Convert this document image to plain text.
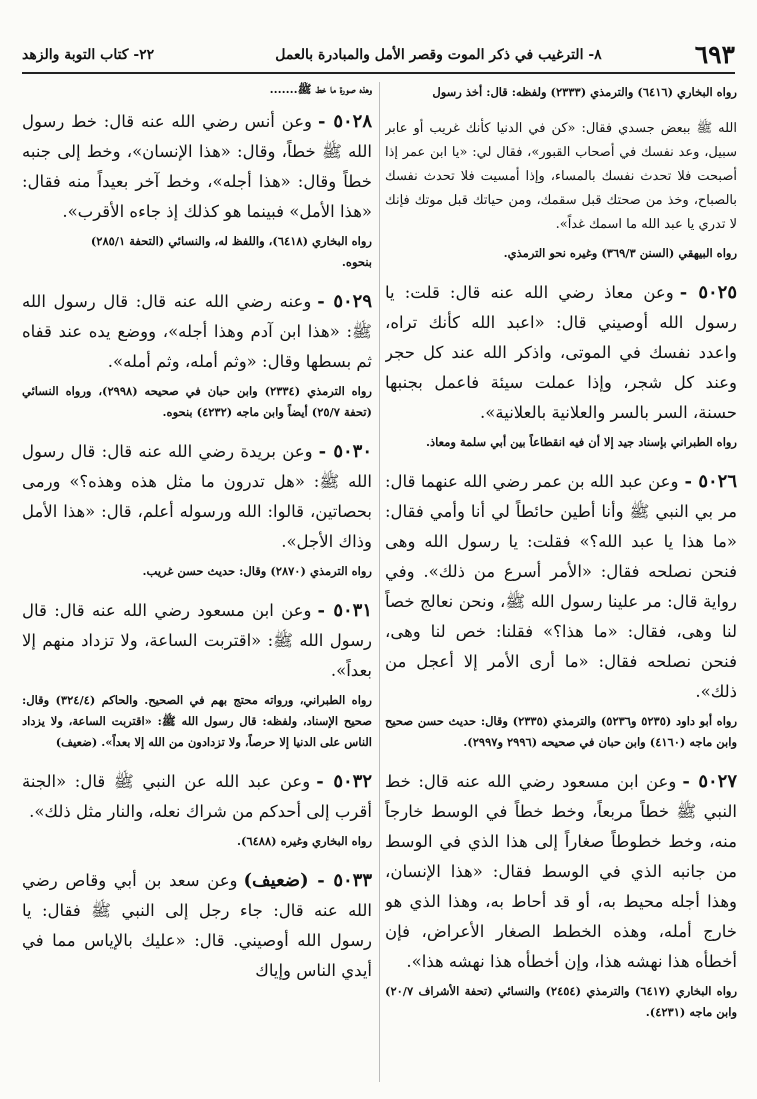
٦٩٣
٨- الترغيب في ذكر الموت وقصر الأمل والمبادرة بالعمل
٢٢- كتاب التوبة والزهد

رواه البخاري (٦٤١٦) والترمذي (٢٣٣٣) ولفظه: قال: أخذ رسول

الله ﷺ ببعض جسدي فقال: «كن في الدنيا كأنك غريب أو عابر سبيل، وعد نفسك في أصحاب القبور»، فقال لي: «يا ابن عمر إذا أصبحت فلا تحدث نفسك بالمساء، وإذا أمسيت فلا تحدث نفسك بالصباح، وخذ من صحتك قبل سقمك، ومن حياتك قبل موتك فإنك لا تدري يا عبد الله ما اسمك غداً».

رواه البيهقي (السنن ٣٦٩/٣) وغيره نحو الترمذي.

٥٠٢٥ -وعن معاذ رضي الله عنه قال: قلت: يا رسول الله أوصيني قال: «اعبد الله كأنك تراه، واعدد نفسك في الموتى، واذكر الله عند كل حجر وعند كل شجر، وإذا عملت سيئة فاعمل بجنبها حسنة، السر بالسر والعلانية بالعلانية».

رواه الطبراني بإسناد جيد إلا أن فيه انقطاعاً بين أبي سلمة ومعاذ.

٥٠٢٦ -وعن عبد الله بن عمر رضي الله عنهما قال: مر بي النبي ﷺ وأنا أطين حائطاً لي أنا وأمي فقال: «ما هذا يا عبد الله؟» فقلت: يا رسول الله وهى فنحن نصلحه فقال: «الأمر أسرع من ذلك». وفي رواية قال: مر علينا رسول الله ﷺ، ونحن نعالج خصاً لنا وهى، فقال: «ما هذا؟» فقلنا: خص لنا وهى، فنحن نصلحه فقال: «ما أرى الأمر إلا أعجل من ذلك».

رواه أبو داود (٥٢٣٥ و٥٢٣٦) والترمذي (٢٣٣٥) وقال: حديث حسن صحيح وابن ماجه (٤١٦٠) وابن حبان في صحيحه (٢٩٩٦ و٢٩٩٧).

٥٠٢٧ -وعن ابن مسعود رضي الله عنه قال: خط النبي ﷺ خطاً مربعاً، وخط خطاً في الوسط خارجاً منه، وخط خطوطاً صغاراً إلى هذا الذي في الوسط من جانبه الذي في الوسط فقال: «هذا الإنسان، وهذا أجله محيط به، أو قد أحاط به، وهذا الذي هو خارج أمله، وهذه الخطط الصغار الأعراض، فإن أخطأه هذا نهشه هذا، وإن أخطأه هذا نهشه هذا».

رواه البخاري (٦٤١٧) والترمذي (٢٤٥٤) والنسائي (تحفة الأشراف ٢٠/٧) وابن ماجه (٤٢٣١).

وهذه صورة ما خط ﷺ.......

٥٠٢٨ -وعن أنس رضي الله عنه قال: خط رسول الله ﷺ خطاً، وقال: «هذا الإنسان»، وخط إلى جنبه خطاً وقال: «هذا أجله»، وخط آخر بعيداً منه فقال: «هذا الأمل» فبينما هو كذلك إذ جاءه الأقرب».

رواه البخاري (٦٤١٨)، واللفظ له، والنسائي (التحفة ٢٨٥/١)

بنحوه.

٥٠٢٩ -وعنه رضي الله عنه قال: قال رسول الله ﷺ: «هذا ابن آدم وهذا أجله»، ووضع يده عند قفاه ثم بسطها وقال: «وثم أمله، وثم أمله».

رواه الترمذي (٢٣٣٤) وابن حبان في صحيحه (٢٩٩٨)، ورواه النسائي (تحفة ٢٥/٧) أيضاً وابن ماجه (٤٢٣٢) بنحوه.

٥٠٣٠ -وعن بريدة رضي الله عنه قال: قال رسول الله ﷺ: «هل تدرون ما مثل هذه وهذه؟» ورمى بحصاتين، قالوا: الله ورسوله أعلم، قال: «هذا الأمل وذاك الأجل».

رواه الترمذي (٢٨٧٠) وقال: حديث حسن غريب.

٥٠٣١ -وعن ابن مسعود رضي الله عنه قال: قال رسول الله ﷺ: «اقتربت الساعة، ولا تزداد منهم إلا بعداً».

رواه الطبراني، ورواته محتج بهم في الصحيح. والحاكم (٣٢٤/٤) وقال: صحيح الإسناد، ولفظه: قال رسول الله ﷺ: «اقتربت الساعة، ولا يزداد الناس على الدنيا إلا حرصاً، ولا تزدادون من الله إلا بعداً». (ضعيف)

٥٠٣٢ -وعن عبد الله عن النبي ﷺ قال: «الجنة أقرب إلى أحدكم من شراك نعله، والنار مثل ذلك».

رواه البخاري وغيره (٦٤٨٨).

٥٠٣٣ - (ضعيف)وعن سعد بن أبي وقاص رضي الله عنه قال: جاء رجل إلى النبي ﷺ فقال: يا رسول الله أوصيني. قال: «عليك بالإياس مما في أيدي الناس وإياك
